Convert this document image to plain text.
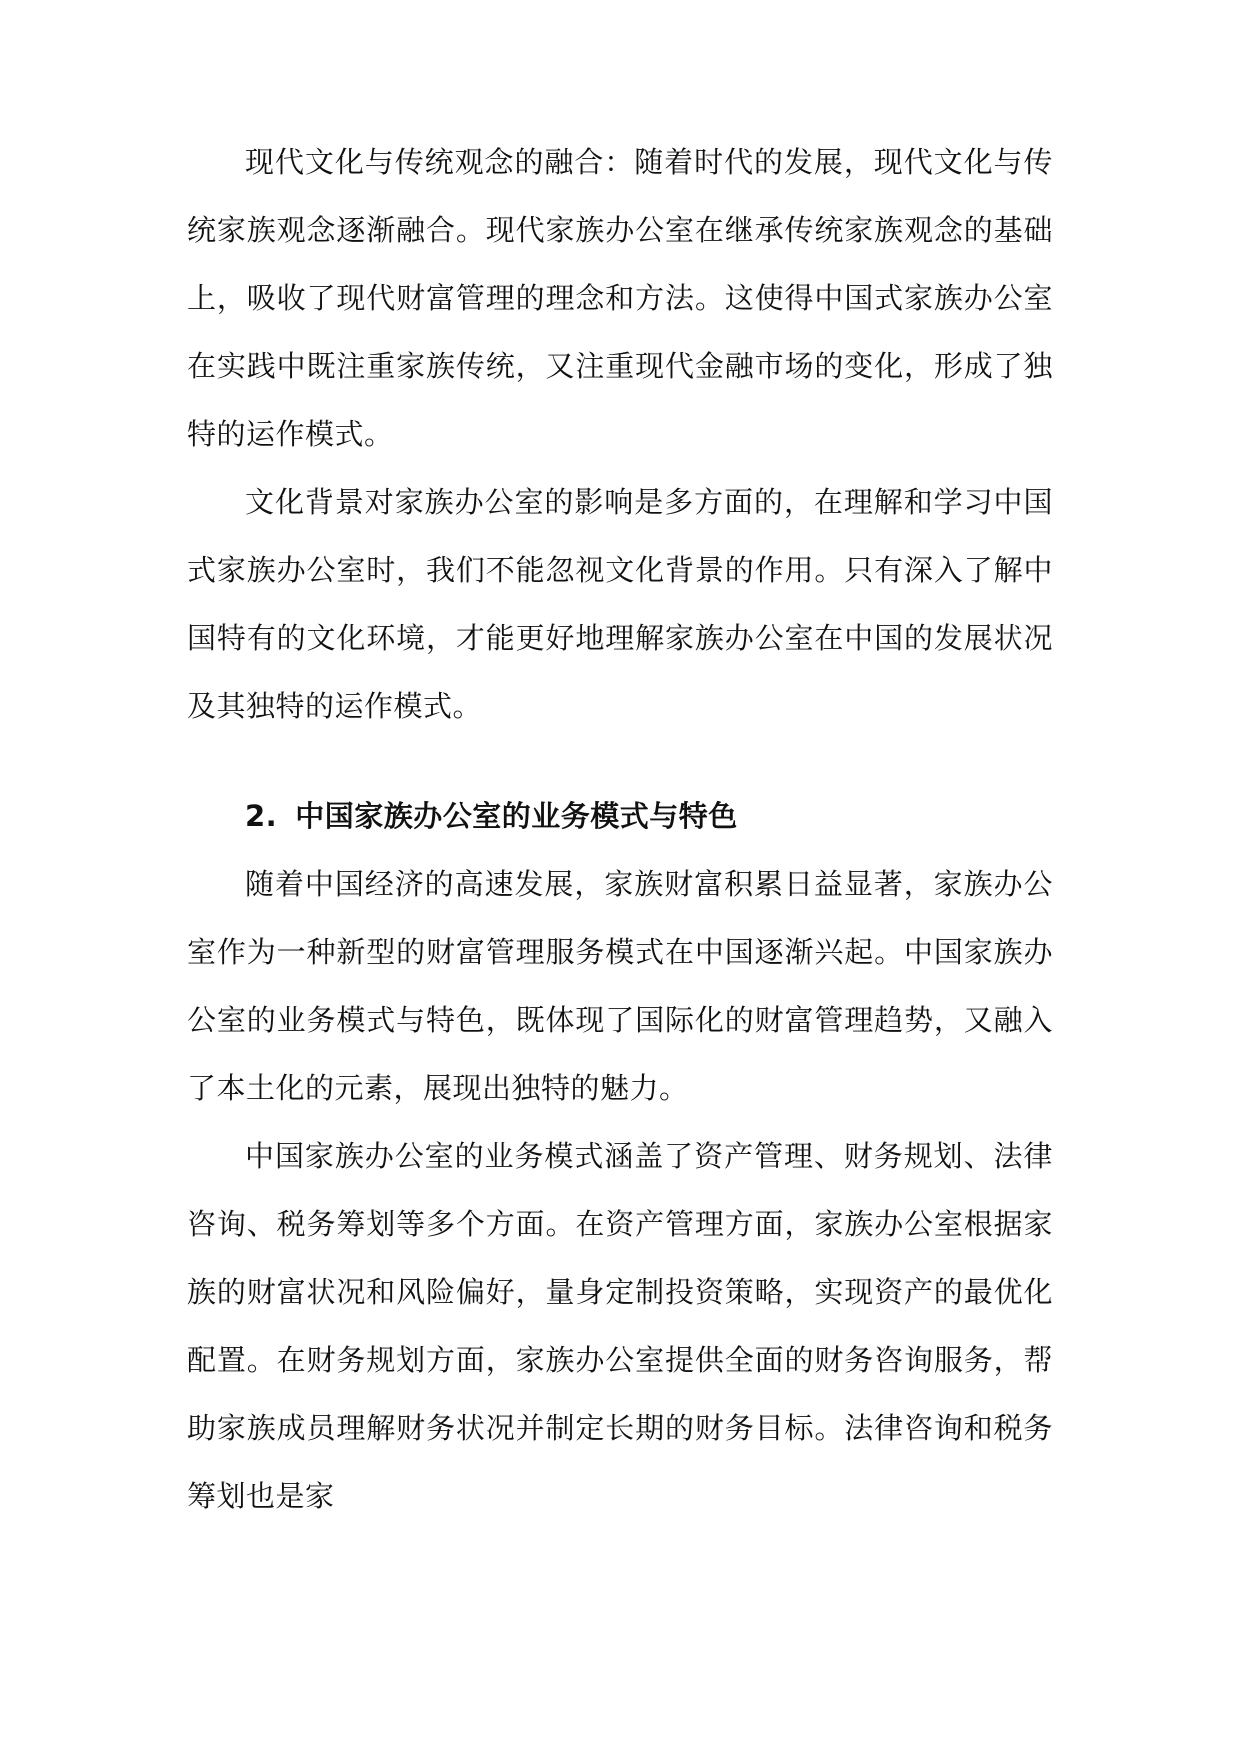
现代文化与传统观念的融合：随着时代的发展，现代文化与传统家族观念逐渐融合。现代家族办公室在继承传统家族观念的基础上，吸收了现代财富管理的理念和方法。这使得中国式家族办公室在实践中既注重家族传统，又注重现代金融市场的变化，形成了独特的运作模式。

文化背景对家族办公室的影响是多方面的，在理解和学习中国式家族办公室时，我们不能忽视文化背景的作用。只有深入了解中国特有的文化环境，才能更好地理解家族办公室在中国的发展状况及其独特的运作模式。

2. 中国家族办公室的业务模式与特色

随着中国经济的高速发展，家族财富积累日益显著，家族办公室作为一种新型的财富管理服务模式在中国逐渐兴起。中国家族办公室的业务模式与特色，既体现了国际化的财富管理趋势，又融入了本土化的元素，展现出独特的魅力。

中国家族办公室的业务模式涵盖了资产管理、财务规划、法律咨询、税务筹划等多个方面。在资产管理方面，家族办公室根据家族的财富状况和风险偏好，量身定制投资策略，实现资产的最优化配置。在财务规划方面，家族办公室提供全面的财务咨询服务，帮助家族成员理解财务状况并制定长期的财务目标。法律咨询和税务筹划也是家
